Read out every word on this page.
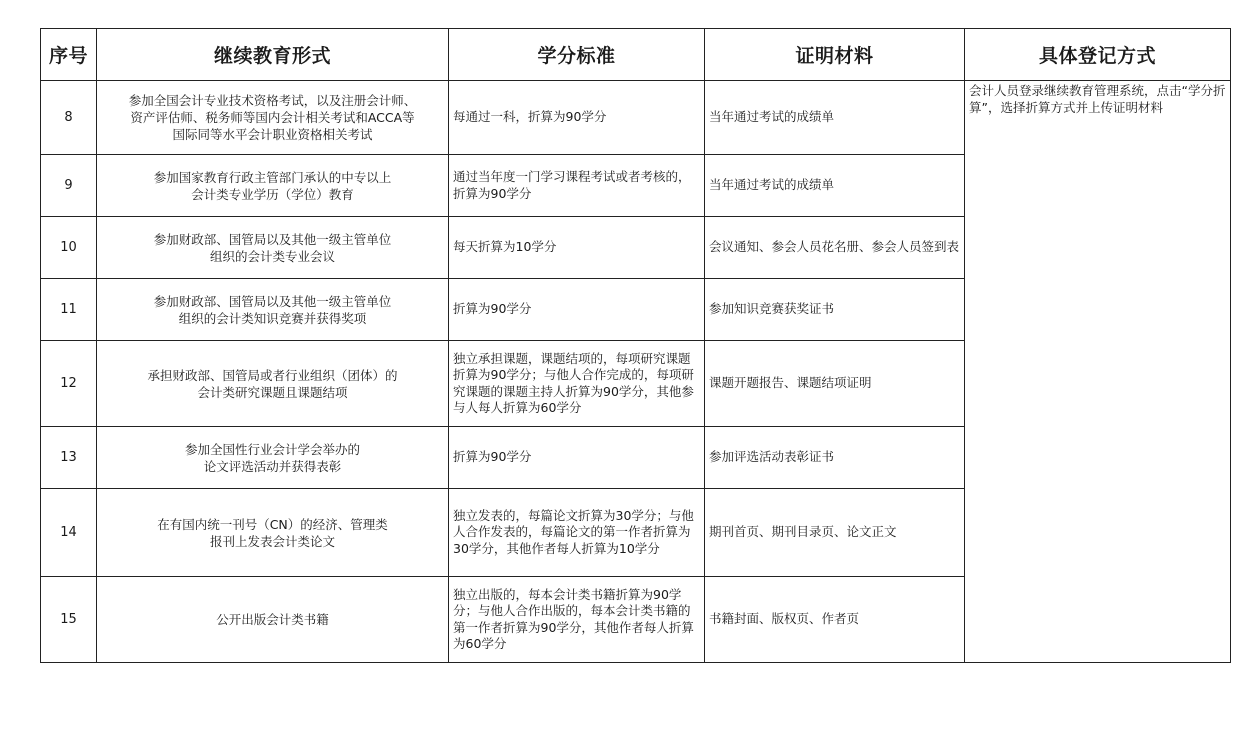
序号	继续教育形式	学分标准	证明材料	具体登记方式
8	参加全国会计专业技术资格考试，以及注册会计师、
资产评估师、税务师等国内会计相关考试和ACCA等
国际同等水平会计职业资格相关考试	每通过一科，折算为90学分	当年通过考试的成绩单	会计人员登录继续教育管理系统，点击“学分折算”，选择折算方式并上传证明材料
9	参加国家教育行政主管部门承认的中专以上
会计类专业学历（学位）教育	通过当年度一门学习课程考试或者考核的，折算为90学分	当年通过考试的成绩单	
10	参加财政部、国管局以及其他一级主管单位
组织的会计类专业会议	每天折算为10学分	会议通知、参会人员花名册、参会人员签到表	
11	参加财政部、国管局以及其他一级主管单位
组织的会计类知识竞赛并获得奖项	折算为90学分	参加知识竞赛获奖证书	
12	承担财政部、国管局或者行业组织（团体）的
会计类研究课题且课题结项	独立承担课题，课题结项的，每项研究课题折算为90学分；与他人合作完成的，每项研究课题的课题主持人折算为90学分，其他参与人每人折算为60学分	课题开题报告、课题结项证明	
13	参加全国性行业会计学会举办的
论文评选活动并获得表彰	折算为90学分	参加评选活动表彰证书	
14	在有国内统一刊号（CN）的经济、管理类
报刊上发表会计类论文	独立发表的，每篇论文折算为30学分；与他人合作发表的，每篇论文的第一作者折算为30学分，其他作者每人折算为10学分	期刊首页、期刊目录页、论文正文	
15	公开出版会计类书籍	独立出版的，每本会计类书籍折算为90学分；与他人合作出版的，每本会计类书籍的第一作者折算为90学分，其他作者每人折算为60学分	书籍封面、版权页、作者页	
